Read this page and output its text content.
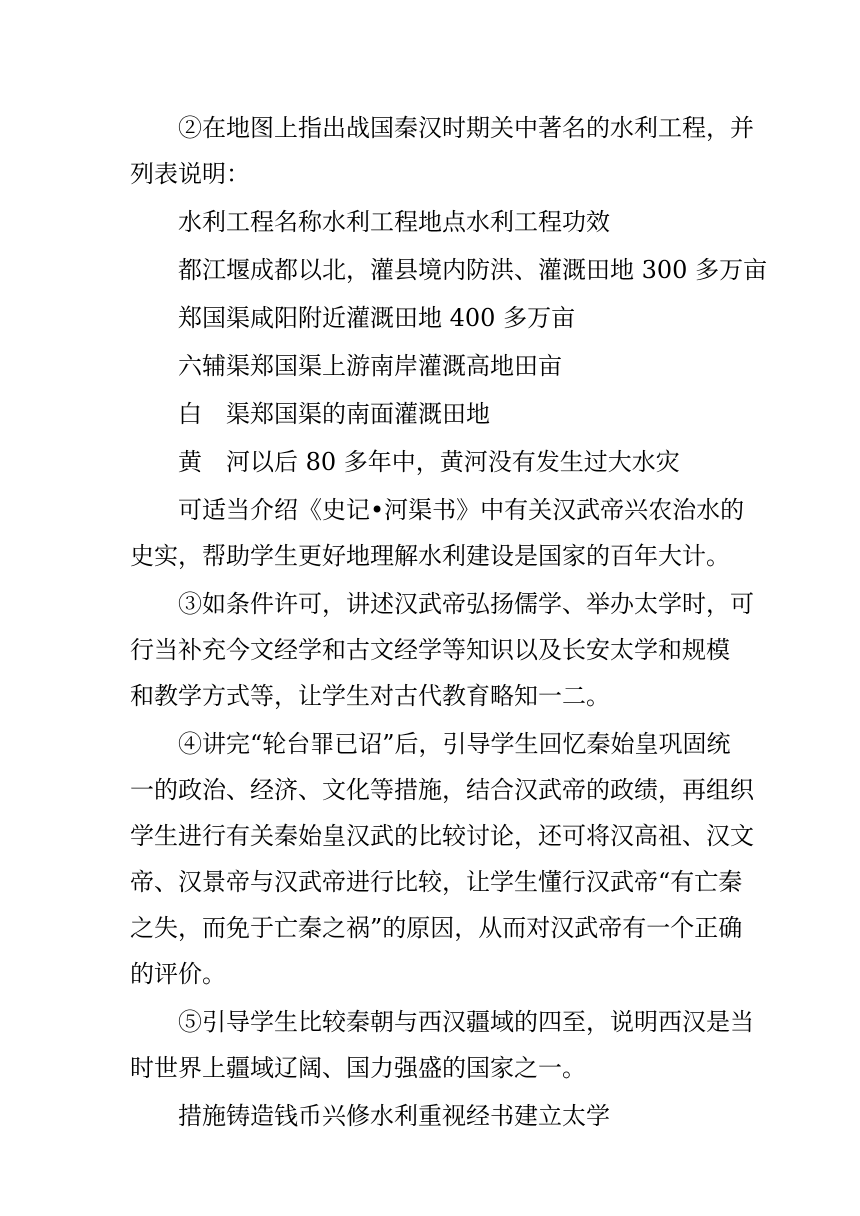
②在地图上指出战国秦汉时期关中著名的水利工程，并
列表说明：
水利工程名称水利工程地点水利工程功效
都江堰成都以北，灌县境内防洪、灌溉田地 300 多万亩
郑国渠咸阳附近灌溉田地 400 多万亩
六辅渠郑国渠上游南岸灌溉高地田亩
白　渠郑国渠的南面灌溉田地
黄　河以后 80 多年中，黄河没有发生过大水灾
可适当介绍《史记•河渠书》中有关汉武帝兴农治水的
史实，帮助学生更好地理解水利建设是国家的百年大计。
③如条件许可，讲述汉武帝弘扬儒学、举办太学时，可
行当补充今文经学和古文经学等知识以及长安太学和规模
和教学方式等，让学生对古代教育略知一二。
④讲完“轮台罪已诏”后，引导学生回忆秦始皇巩固统
一的政治、经济、文化等措施，结合汉武帝的政绩，再组织
学生进行有关秦始皇汉武的比较讨论，还可将汉高祖、汉文
帝、汉景帝与汉武帝进行比较，让学生懂行汉武帝“有亡秦
之失，而免于亡秦之祸”的原因，从而对汉武帝有一个正确
的评价。
⑤引导学生比较秦朝与西汉疆域的四至，说明西汉是当
时世界上疆域辽阔、国力强盛的国家之一。
措施铸造钱币兴修水利重视经书建立太学
